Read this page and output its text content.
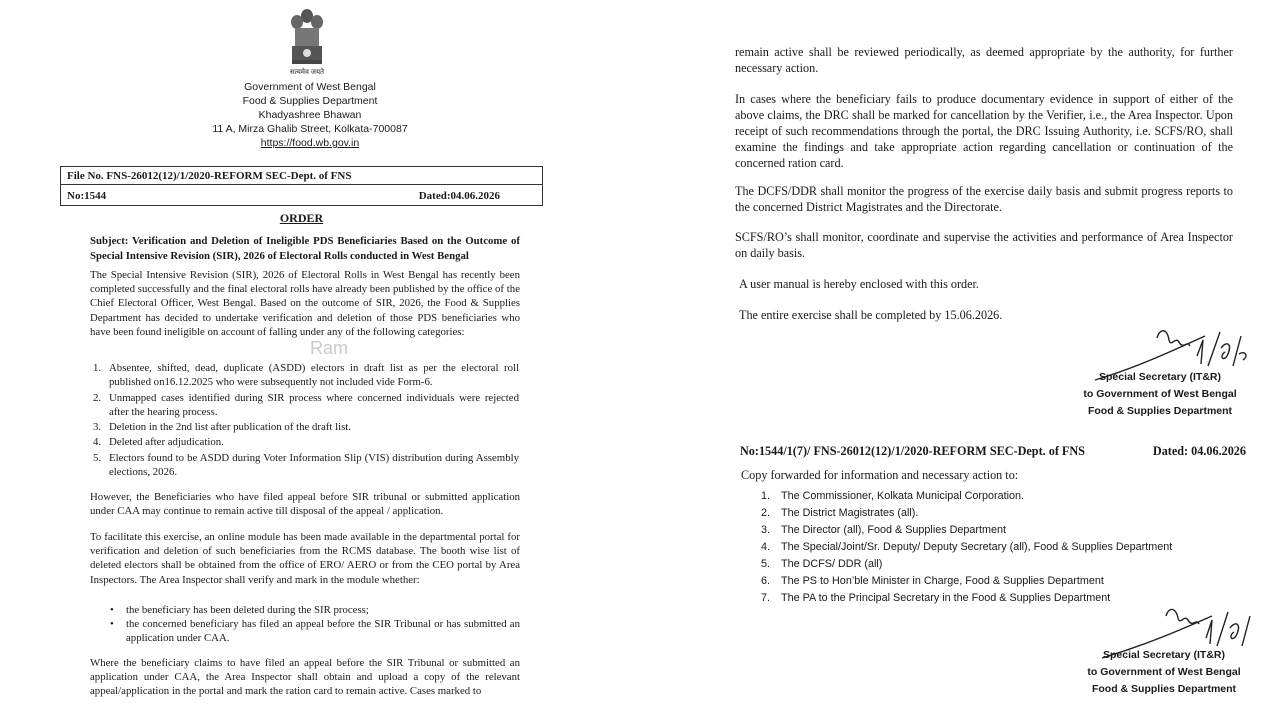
सत्यमेव जयते
Government of West Bengal
Food & Supplies Department
Khadyashree Bhawan
11 A, Mirza Ghalib Street, Kolkata-700087
https://food.wb.gov.in
File No. FNS-26012(12)/1/2020-REFORM SEC-Dept. of FNS
No:1544	Dated:04.06.2026
ORDER
Subject: Verification and Deletion of Ineligible PDS Beneficiaries Based on the Outcome of Special Intensive Revision (SIR), 2026 of Electoral Rolls conducted in West Bengal
The Special Intensive Revision (SIR), 2026 of Electoral Rolls in West Bengal has recently been completed successfully and the final electoral rolls have already been published by the office of the Chief Electoral Officer, West Bengal. Based on the outcome of SIR, 2026, the Food & Supplies Department has decided to undertake verification and deletion of those PDS beneficiaries who have been found ineligible on account of falling under any of the following categories:
Ram
1. Absentee, shifted, dead, duplicate (ASDD) electors in draft list as per the electoral roll published on16.12.2025 who were subsequently not included vide Form-6.
2. Unmapped cases identified during SIR process where concerned individuals were rejected after the hearing process.
3. Deletion in the 2nd list after publication of the draft list.
4. Deleted after adjudication.
5. Electors found to be ASDD during Voter Information Slip (VIS) distribution during Assembly elections, 2026.
However, the Beneficiaries who have filed appeal before SIR tribunal or submitted application under CAA may continue to remain active till disposal of the appeal / application.
To facilitate this exercise, an online module has been made available in the departmental portal for verification and deletion of such beneficiaries from the RCMS database. The booth wise list of deleted electors shall be obtained from the office of ERO/ AERO or from the CEO portal by Area Inspectors. The Area Inspector shall verify and mark in the module whether:
• the beneficiary has been deleted during the SIR process;
• the concerned beneficiary has filed an appeal before the SIR Tribunal or has submitted an application under CAA.
Where the beneficiary claims to have filed an appeal before the SIR Tribunal or submitted an application under CAA, the Area Inspector shall obtain and upload a copy of the relevant appeal/application in the portal and mark the ration card to remain active. Cases marked to
remain active shall be reviewed periodically, as deemed appropriate by the authority, for further necessary action.
In cases where the beneficiary fails to produce documentary evidence in support of either of the above claims, the DRC shall be marked for cancellation by the Verifier, i.e., the Area Inspector. Upon receipt of such recommendations through the portal, the DRC Issuing Authority, i.e. SCFS/RO, shall examine the findings and take appropriate action regarding cancellation or continuation of the concerned ration card.
The DCFS/DDR shall monitor the progress of the exercise daily basis and submit progress reports to the concerned District Magistrates and the Directorate.
SCFS/RO’s shall monitor, coordinate and supervise the activities and performance of Area Inspector on daily basis.
A user manual is hereby enclosed with this order.
The entire exercise shall be completed by 15.06.2026.
Special Secretary (IT&R)
to Government of West Bengal
Food & Supplies Department
No:1544/1(7)/ FNS-26012(12)/1/2020-REFORM SEC-Dept. of FNS	Dated: 04.06.2026
Copy forwarded for information and necessary action to:
1. The Commissioner, Kolkata Municipal Corporation.
2. The District Magistrates (all).
3. The Director (all), Food & Supplies Department
4. The Special/Joint/Sr. Deputy/ Deputy Secretary (all), Food & Supplies Department
5. The DCFS/ DDR (all)
6. The PS to Hon’ble Minister in Charge, Food & Supplies Department
7. The PA to the Principal Secretary in the Food & Supplies Department
Special Secretary (IT&R)
to Government of West Bengal
Food & Supplies Department
